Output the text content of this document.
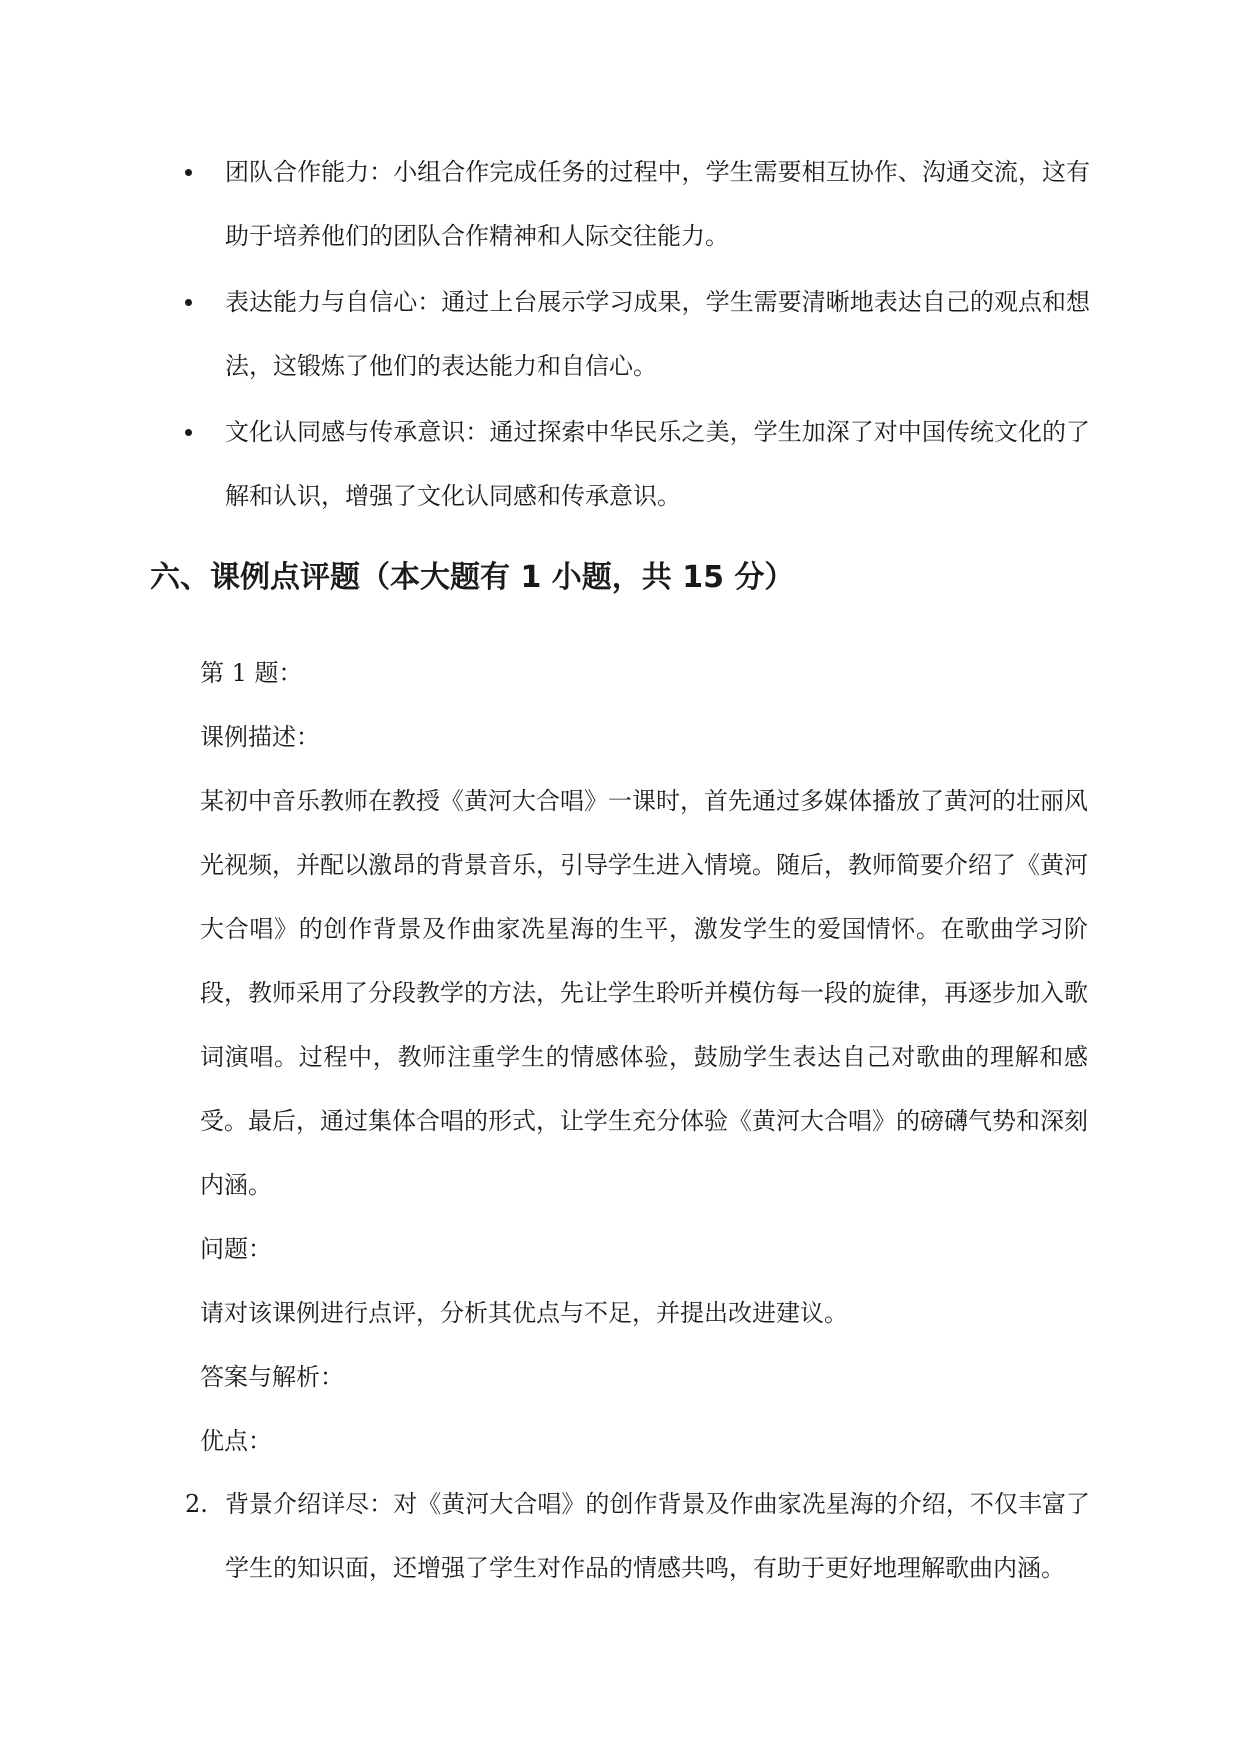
团队合作能力：小组合作完成任务的过程中，学生需要相互协作、沟通交流，这有助于培养他们的团队合作精神和人际交往能力。
表达能力与自信心：通过上台展示学习成果，学生需要清晰地表达自己的观点和想法，这锻炼了他们的表达能力和自信心。
文化认同感与传承意识：通过探索中华民乐之美，学生加深了对中国传统文化的了解和认识，增强了文化认同感和传承意识。
六、课例点评题（本大题有 1 小题，共 15 分）

第 1 题：

课例描述：

某初中音乐教师在教授《黄河大合唱》一课时，首先通过多媒体播放了黄河的壮丽风光视频，并配以激昂的背景音乐，引导学生进入情境。随后，教师简要介绍了《黄河大合唱》的创作背景及作曲家冼星海的生平，激发学生的爱国情怀。在歌曲学习阶段，教师采用了分段教学的方法，先让学生聆听并模仿每一段的旋律，再逐步加入歌词演唱。过程中，教师注重学生的情感体验，鼓励学生表达自己对歌曲的理解和感受。最后，通过集体合唱的形式，让学生充分体验《黄河大合唱》的磅礴气势和深刻内涵。

问题：

请对该课例进行点评，分析其优点与不足，并提出改进建议。

答案与解析：

优点：

2. 背景介绍详尽：对《黄河大合唱》的创作背景及作曲家冼星海的介绍，不仅丰富了学生的知识面，还增强了学生对作品的情感共鸣，有助于更好地理解歌曲内涵。
